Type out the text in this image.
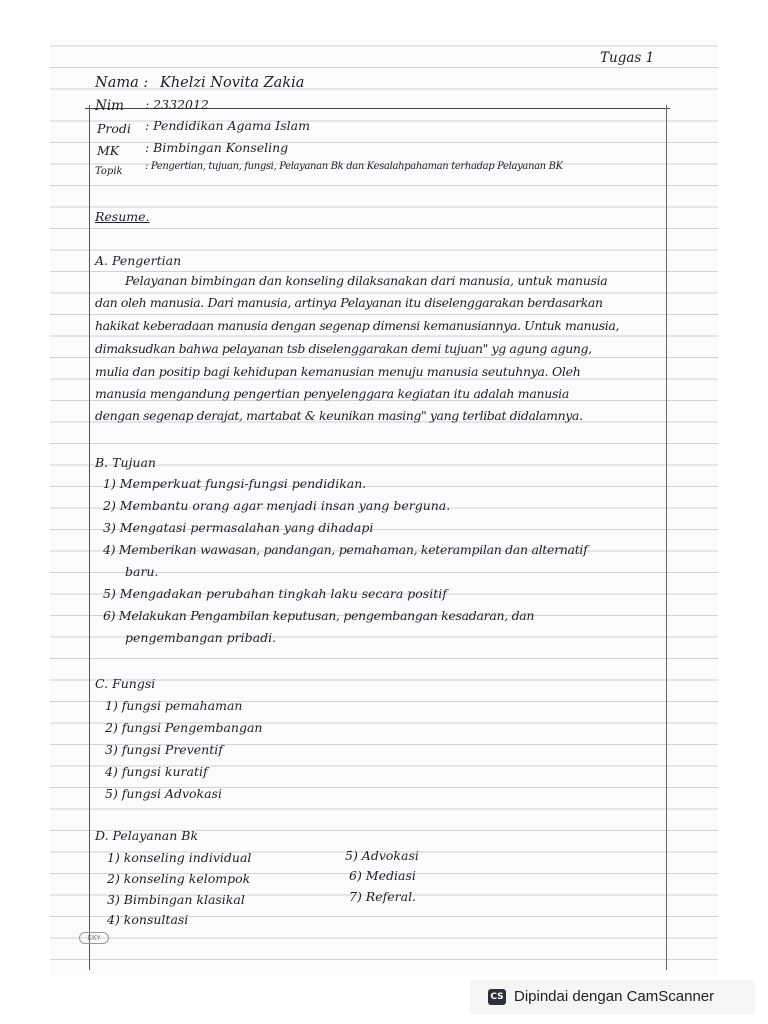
Tugas 1
Nama : Khelzi Novita Zakia
Nim : 2332012
Prodi : Pendidikan Agama Islam
MK : Bimbingan Konseling
Topik : Pengertian, tujuan, fungsi, Pelayanan Bk dan Kesalahpahaman terhadap Pelayanan BK
Resume.
A. Pengertian
Pelayanan bimbingan dan konseling dilaksanakan dari manusia, untuk manusia
dan oleh manusia. Dari manusia, artinya Pelayanan itu diselenggarakan berdasarkan
hakikat keberadaan manusia dengan segenap dimensi kemanusiannya. Untuk manusia,
dimaksudkan bahwa pelayanan tsb diselenggarakan demi tujuan" yg agung agung,
mulia dan positip bagi kehidupan kemanusian menuju manusia seutuhnya. Oleh
manusia mengandung pengertian penyelenggara kegiatan itu adalah manusia
dengan segenap derajat, martabat & keunikan masing" yang terlibat didalamnya.
B. Tujuan
1) Memperkuat fungsi-fungsi pendidikan.
2) Membantu orang agar menjadi insan yang berguna.
3) Mengatasi permasalahan yang dihadapi
4) Memberikan wawasan, pandangan, pemahaman, keterampilan dan alternatif
baru.
5) Mengadakan perubahan tingkah laku secara positif
6) Melakukan Pengambilan keputusan, pengembangan kesadaran, dan
pengembangan pribadi.
C. Fungsi
1) fungsi pemahaman
2) fungsi Pengembangan
3) fungsi Preventif
4) fungsi kuratif
5) fungsi Advokasi
D. Pelayanan Bk
1) konseling individual
2) konseling kelompok
3) Bimbingan klasikal
4) konsultasi
5) Advokasi
6) Mediasi
7) Referal.
KKY
CS Dipindai dengan CamScanner
